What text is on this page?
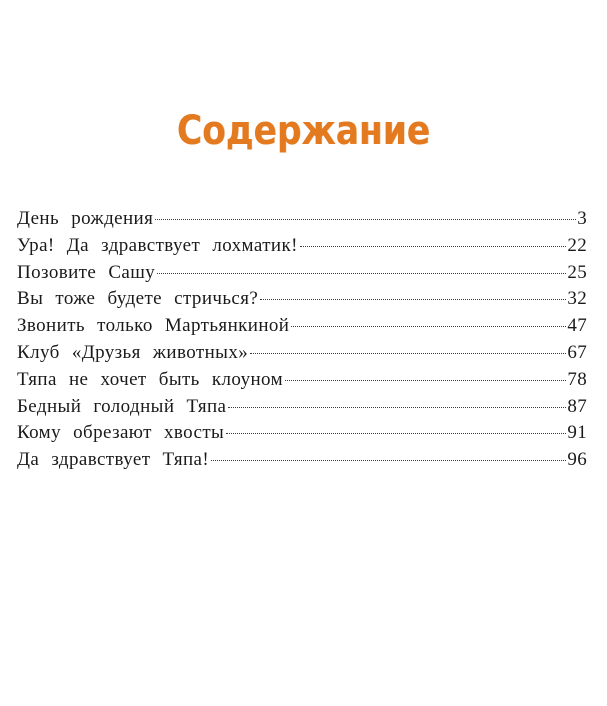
Содержание
День рождения	3
Ура! Да здравствует лохматик!	22
Позовите Сашу	25
Вы тоже будете стричься?	32
Звонить только Мартьянкиной	47
Клуб «Друзья животных»	67
Тяпа не хочет быть клоуном	78
Бедный голодный Тяпа	87
Кому обрезают хвосты	91
Да здравствует Тяпа!	96
